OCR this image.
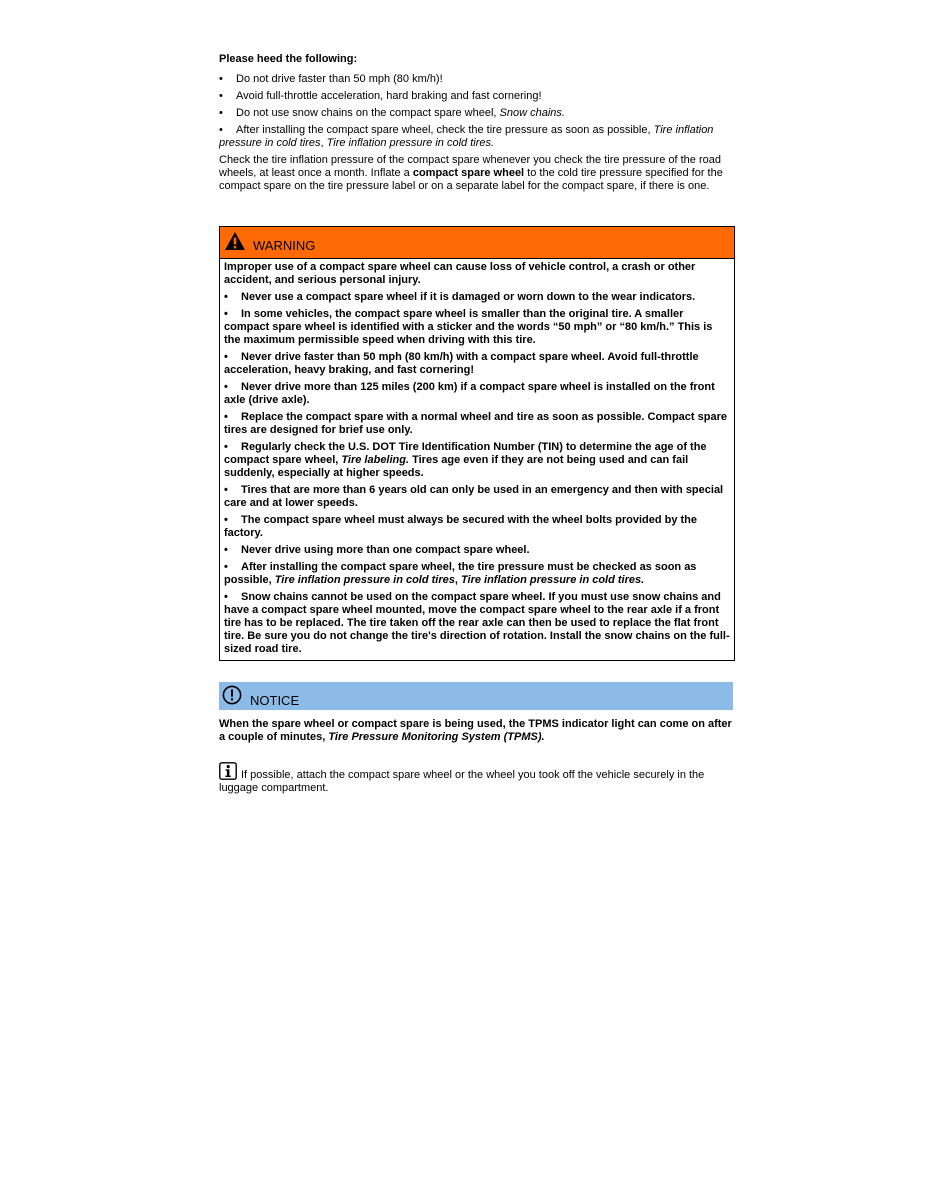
Please heed the following:
• Do not drive faster than 50 mph (80 km/h)!
• Avoid full-throttle acceleration, hard braking and fast cornering!
• Do not use snow chains on the compact spare wheel, Snow chains.
• After installing the compact spare wheel, check the tire pressure as soon as possible, Tire inflation pressure in cold tires, Tire inflation pressure in cold tires.
Check the tire inflation pressure of the compact spare whenever you check the tire pressure of the road wheels, at least once a month. Inflate a compact spare wheel to the cold tire pressure specified for the compact spare on the tire pressure label or on a separate label for the compact spare, if there is one.
WARNING
Improper use of a compact spare wheel can cause loss of vehicle control, a crash or other accident, and serious personal injury.
• Never use a compact spare wheel if it is damaged or worn down to the wear indicators.
• In some vehicles, the compact spare wheel is smaller than the original tire. A smaller compact spare wheel is identified with a sticker and the words “50 mph” or “80 km/h.” This is the maximum permissible speed when driving with this tire.
• Never drive faster than 50 mph (80 km/h) with a compact spare wheel. Avoid full-throttle acceleration, heavy braking, and fast cornering!
• Never drive more than 125 miles (200 km) if a compact spare wheel is installed on the front axle (drive axle).
• Replace the compact spare with a normal wheel and tire as soon as possible. Compact spare tires are designed for brief use only.
• Regularly check the U.S. DOT Tire Identification Number (TIN) to determine the age of the compact spare wheel, Tire labeling. Tires age even if they are not being used and can fail suddenly, especially at higher speeds.
• Tires that are more than 6 years old can only be used in an emergency and then with special care and at lower speeds.
• The compact spare wheel must always be secured with the wheel bolts provided by the factory.
• Never drive using more than one compact spare wheel.
• After installing the compact spare wheel, the tire pressure must be checked as soon as possible, Tire inflation pressure in cold tires, Tire inflation pressure in cold tires.
• Snow chains cannot be used on the compact spare wheel. If you must use snow chains and have a compact spare wheel mounted, move the compact spare wheel to the rear axle if a front tire has to be replaced. The tire taken off the rear axle can then be used to replace the flat front tire. Be sure you do not change the tire's direction of rotation. Install the snow chains on the full-sized road tire.
NOTICE
When the spare wheel or compact spare is being used, the TPMS indicator light can come on after a couple of minutes, Tire Pressure Monitoring System (TPMS).
If possible, attach the compact spare wheel or the wheel you took off the vehicle securely in the luggage compartment.
